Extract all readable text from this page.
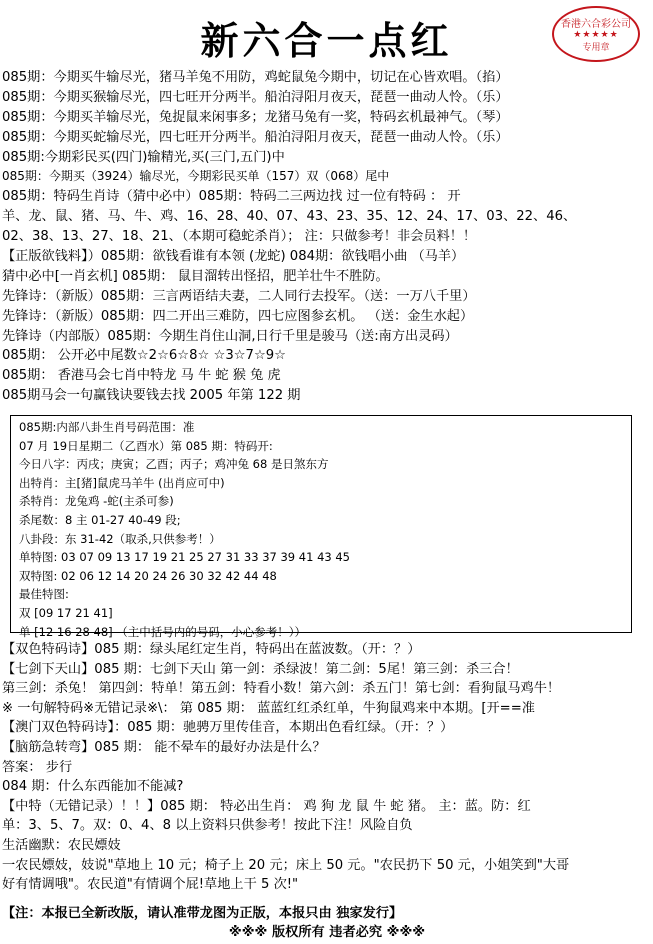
新六合一点红	香港六合彩公司
★★★★★
专用章
085期：今期买牛输尽光，猪马羊兔不用防，鸡蛇鼠兔今期中，切记在心皆欢唱。（掐）
085期：今期买猴输尽光，四七旺开分两半。船泊浔阳月夜天，琵琶一曲动人怜。（乐）
085期：今期买羊输尽光，兔捉鼠来闲事多；龙猪马兔有一奖，特码玄机最神气。（琴）
085期：今期买蛇输尽光，四七旺开分两半。船泊浔阳月夜天，琵琶一曲动人怜。（乐）
085期:今期彩民买(四门)输精光,买(三门,五门)中
085期：今期买（3924）输尽光，今期彩民买单（157）双（068）尾中
085期：特码生肖诗（猜中必中）085期：特码二三两边找 过一位有特码 ： 开
羊、龙、鼠、猪、马、牛、鸡、16、28、40、07、43、23、35、12、24、17、03、22、46、
02、38、13、27、18、21、（本期可稳蛇杀肖）； 注：只做参考！非会员料！！
【正版欲钱料】）085期：欲钱看谁有本领 (龙蛇) 084期：欲钱唱小曲 （马羊）
猜中必中[一肖玄机] 085期： 鼠目溜转出怪招，肥羊壮牛不胜防。
先锋诗：（新版）085期：三言两语结夫妻，二人同行去投军。（送：一万八千里）
先锋诗：（新版）085期：四二开出三难防，四七应图参玄机。 （送：金生水起）
先锋诗（内部版）085期：今期生肖住山洞,日行千里是骏马（送:南方出灵码）
085期： 公开必中尾数☆2☆6☆8☆ ☆3☆7☆9☆
085期： 香港马会七肖中特龙 马 牛 蛇 猴 兔 虎
085期马会一句赢钱诀要钱去找 2005 年第 122 期
085期:内部八卦生肖号码范围：准
07 月 19日星期二（乙酉水）第 085 期：特码开:
今日八字：丙戌；庚寅；乙酉；丙子；鸡冲兔 68 是日煞东方
出特肖：主[猪]鼠虎马羊牛 (出肖应可中)
杀特肖：龙兔鸡 -蛇(主杀可参)
杀尾数：8 主 01-27 40-49 段;
八卦段：东 31-42（取杀,只供参考！）
单特图: 03 07 09 13 17 19 21 25 27 31 33 37 39 41 43 45
双特图: 02 06 12 14 20 24 26 30 32 42 44 48
最佳特图:
双 [09 17 21 41]
单 [12 16 28 48] （主中括号内的号码，小心参考！））
【双色特码诗】085 期：绿头尾红定生肖，特码出在蓝波数。（开：？）
【七剑下天山】085 期：七剑下天山 第一剑：杀绿波！第二剑：5尾！第三剑：杀三合！
第三剑：杀兔！ 第四剑：特单！第五剑：特看小数！第六剑：杀五门！第七剑：看狗鼠马鸡牛！
※ 一句解特码※无错记录※\： 第 085 期： 蓝蓝红红杀红单，牛狗鼠鸡来中本期。[开==准
【澳门双色特码诗】：085 期：驰骋万里传佳音，本期出色看红绿。（开：？）
【脑筋急转弯】085 期： 能不晕车的最好办法是什么？
答案： 步行
084 期：什么东西能加不能减?
【中特（无错记录）！！】085 期： 特必出生肖： 鸡 狗 龙 鼠 牛 蛇 猪。 主：蓝。防：红
单：3、5、7。双：0、4、8 以上资料只供参考！按此下注！风险自负
生活幽默：农民嫖妓
一农民嫖妓，妓说"草地上 10 元；椅子上 20 元；床上 50 元。"农民扔下 50 元，小姐笑到"大哥
好有情调哦"。农民道"有情调个屁!草地上干 5 次!"
【注：本报已全新改版，请认准带龙图为正版，本报只由 独家发行】
※※※ 版权所有 违者必究 ※※※
